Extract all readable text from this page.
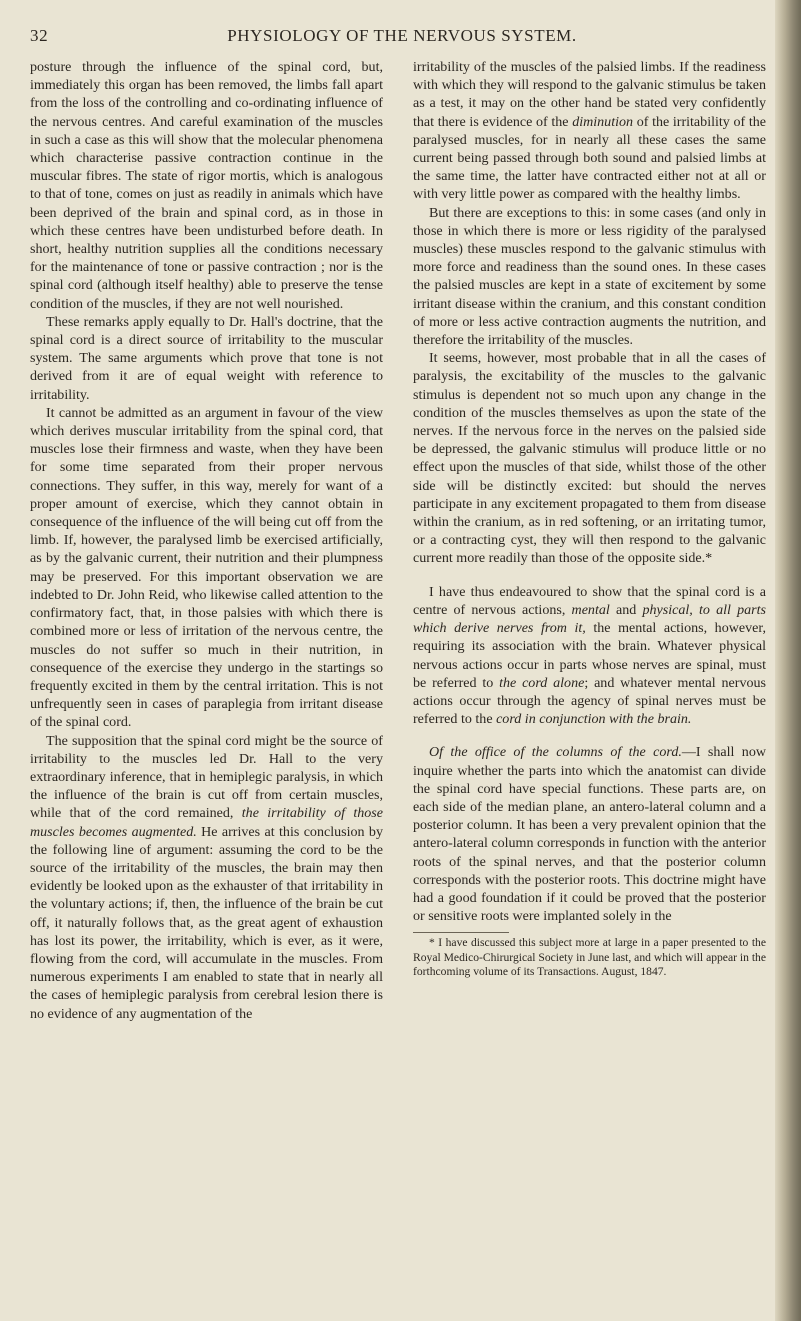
32	PHYSIOLOGY OF THE NERVOUS SYSTEM.

posture through the influence of the spinal cord, but, immediately this organ has been removed, the limbs fall apart from the loss of the controlling and co-ordinating influence of the nervous centres. And careful examination of the muscles in such a case as this will show that the molecular phenomena which characterise passive contraction continue in the muscular fibres. The state of rigor mortis, which is analogous to that of tone, comes on just as readily in animals which have been deprived of the brain and spinal cord, as in those in which these centres have been undisturbed before death. In short, healthy nutrition supplies all the conditions necessary for the maintenance of tone or passive contraction ; nor is the spinal cord (although itself healthy) able to preserve the tense condition of the muscles, if they are not well nourished.

These remarks apply equally to Dr. Hall's doctrine, that the spinal cord is a direct source of irritability to the muscular system. The same arguments which prove that tone is not derived from it are of equal weight with reference to irritability.

It cannot be admitted as an argument in favour of the view which derives muscular irritability from the spinal cord, that muscles lose their firmness and waste, when they have been for some time separated from their proper nervous connections. They suffer, in this way, merely for want of a proper amount of exercise, which they cannot obtain in consequence of the influence of the will being cut off from the limb. If, however, the paralysed limb be exercised artificially, as by the galvanic current, their nutrition and their plumpness may be preserved. For this important observation we are indebted to Dr. John Reid, who likewise called attention to the confirmatory fact, that, in those palsies with which there is combined more or less of irritation of the nervous centre, the muscles do not suffer so much in their nutrition, in consequence of the exercise they undergo in the startings so frequently excited in them by the central irritation. This is not unfrequently seen in cases of paraplegia from irritant disease of the spinal cord.

The supposition that the spinal cord might be the source of irritability to the muscles led Dr. Hall to the very extraordinary inference, that in hemiplegic paralysis, in which the influence of the brain is cut off from certain muscles, while that of the cord remained, the irritability of those muscles becomes augmented. He arrives at this conclusion by the following line of argument: assuming the cord to be the source of the irritability of the muscles, the brain may then evidently be looked upon as the exhauster of that irritability in the voluntary actions; if, then, the influence of the brain be cut off, it naturally follows that, as the great agent of exhaustion has lost its power, the irritability, which is ever, as it were, flowing from the cord, will accumulate in the muscles. From numerous experiments I am enabled to state that in nearly all the cases of hemiplegic paralysis from cerebral lesion there is no evidence of any augmentation of the

irritability of the muscles of the palsied limbs. If the readiness with which they will respond to the galvanic stimulus be taken as a test, it may on the other hand be stated very confidently that there is evidence of the diminution of the irritability of the paralysed muscles, for in nearly all these cases the same current being passed through both sound and palsied limbs at the same time, the latter have contracted either not at all or with very little power as compared with the healthy limbs.

But there are exceptions to this: in some cases (and only in those in which there is more or less rigidity of the paralysed muscles) these muscles respond to the galvanic stimulus with more force and readiness than the sound ones. In these cases the palsied muscles are kept in a state of excitement by some irritant disease within the cranium, and this constant condition of more or less active contraction augments the nutrition, and therefore the irritability of the muscles.

It seems, however, most probable that in all the cases of paralysis, the excitability of the muscles to the galvanic stimulus is dependent not so much upon any change in the condition of the muscles themselves as upon the state of the nerves. If the nervous force in the nerves on the palsied side be depressed, the galvanic stimulus will produce little or no effect upon the muscles of that side, whilst those of the other side will be distinctly excited: but should the nerves participate in any excitement propagated to them from disease within the cranium, as in red softening, or an irritating tumor, or a contracting cyst, they will then respond to the galvanic current more readily than those of the opposite side.*

I have thus endeavoured to show that the spinal cord is a centre of nervous actions, mental and physical, to all parts which derive nerves from it, the mental actions, however, requiring its association with the brain. Whatever physical nervous actions occur in parts whose nerves are spinal, must be referred to the cord alone; and whatever mental nervous actions occur through the agency of spinal nerves must be referred to the cord in conjunction with the brain.

Of the office of the columns of the cord.—I shall now inquire whether the parts into which the anatomist can divide the spinal cord have special functions. These parts are, on each side of the median plane, an antero-lateral column and a posterior column. It has been a very prevalent opinion that the antero-lateral column corresponds in function with the anterior roots of the spinal nerves, and that the posterior column corresponds with the posterior roots. This doctrine might have had a good foundation if it could be proved that the posterior or sensitive roots were implanted solely in the

* I have discussed this subject more at large in a paper presented to the Royal Medico-Chirurgical Society in June last, and which will appear in the forthcoming volume of its Transactions. August, 1847.
